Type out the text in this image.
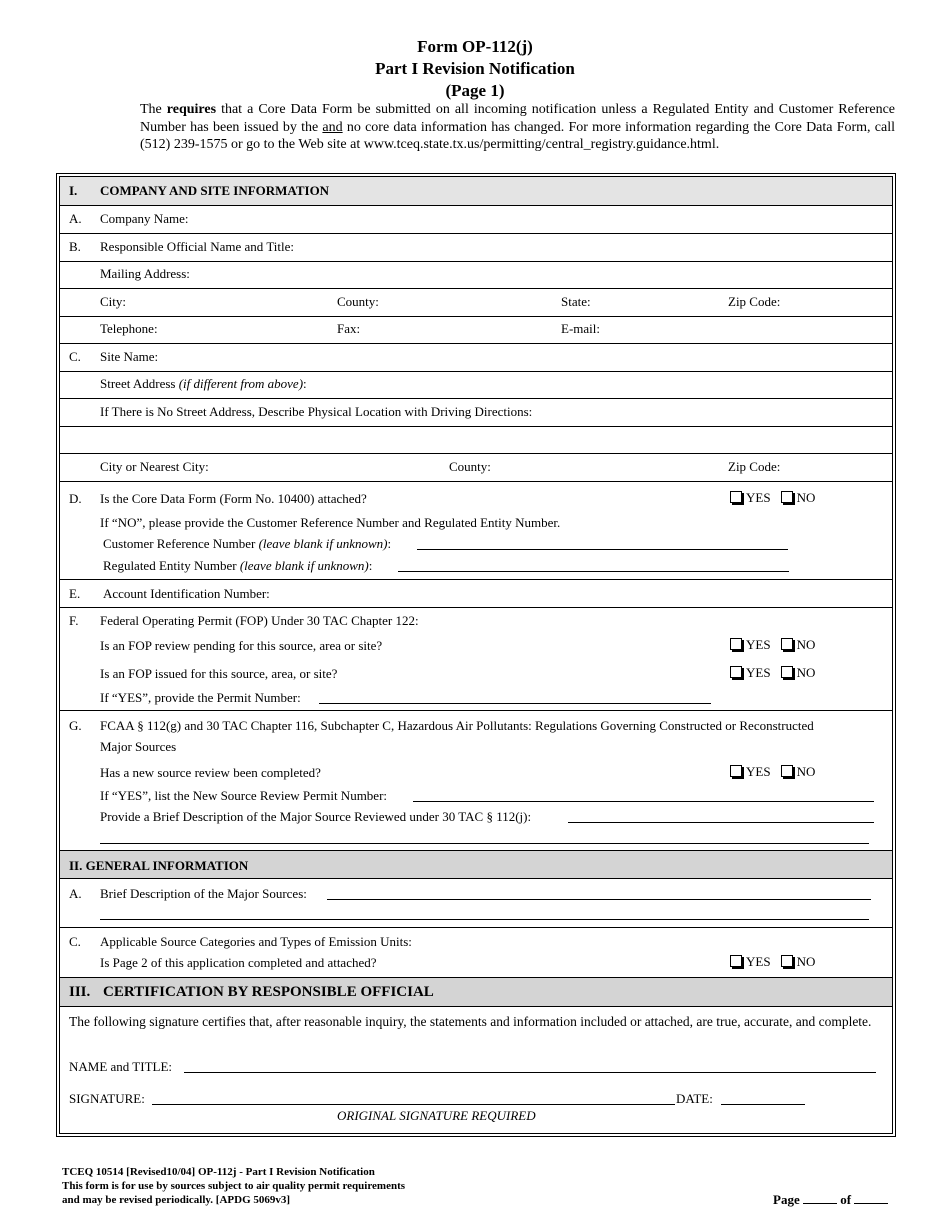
Form OP-112(j)
Part I Revision Notification
(Page 1)
The requires that a Core Data Form be submitted on all incoming notification unless a Regulated Entity and Customer Reference Number has been issued by the and no core data information has changed. For more information regarding the Core Data Form, call (512) 239-1575 or go to the Web site at www.tceq.state.tx.us/permitting/central_registry.guidance.html.
I. COMPANY AND SITE INFORMATION
A. Company Name:
B. Responsible Official Name and Title:
Mailing Address:
City:	County:	State:	Zip Code:
Telephone:	Fax:	E-mail:
C. Site Name:
Street Address (if different from above):
If There is No Street Address, Describe Physical Location with Driving Directions:
City or Nearest City:	County:	Zip Code:
D. Is the Core Data Form (Form No. 10400) attached?	YES NO
If “NO”, please provide the Customer Reference Number and Regulated Entity Number.
Customer Reference Number (leave blank if unknown):
Regulated Entity Number (leave blank if unknown):
E. Account Identification Number:
F. Federal Operating Permit (FOP) Under 30 TAC Chapter 122:
Is an FOP review pending for this source, area or site?	YES NO
Is an FOP issued for this source, area, or site?	YES NO
If “YES”, provide the Permit Number:
G. FCAA § 112(g) and 30 TAC Chapter 116, Subchapter C, Hazardous Air Pollutants: Regulations Governing Constructed or Reconstructed
Major Sources
Has a new source review been completed?	YES NO
If “YES”, list the New Source Review Permit Number:
Provide a Brief Description of the Major Source Reviewed under 30 TAC § 112(j):
II. GENERAL INFORMATION
A. Brief Description of the Major Sources:
C. Applicable Source Categories and Types of Emission Units:
Is Page 2 of this application completed and attached?	YES NO
III. CERTIFICATION BY RESPONSIBLE OFFICIAL
The following signature certifies that, after reasonable inquiry, the statements and information included or attached, are true, accurate, and complete.
NAME and TITLE:
SIGNATURE:	DATE:
ORIGINAL SIGNATURE REQUIRED
TCEQ 10514 [Revised10/04] OP-112j - Part I Revision Notification
This form is for use by sources subject to air quality permit requirements
and may be revised periodically. [APDG 5069v3]	Page	of
